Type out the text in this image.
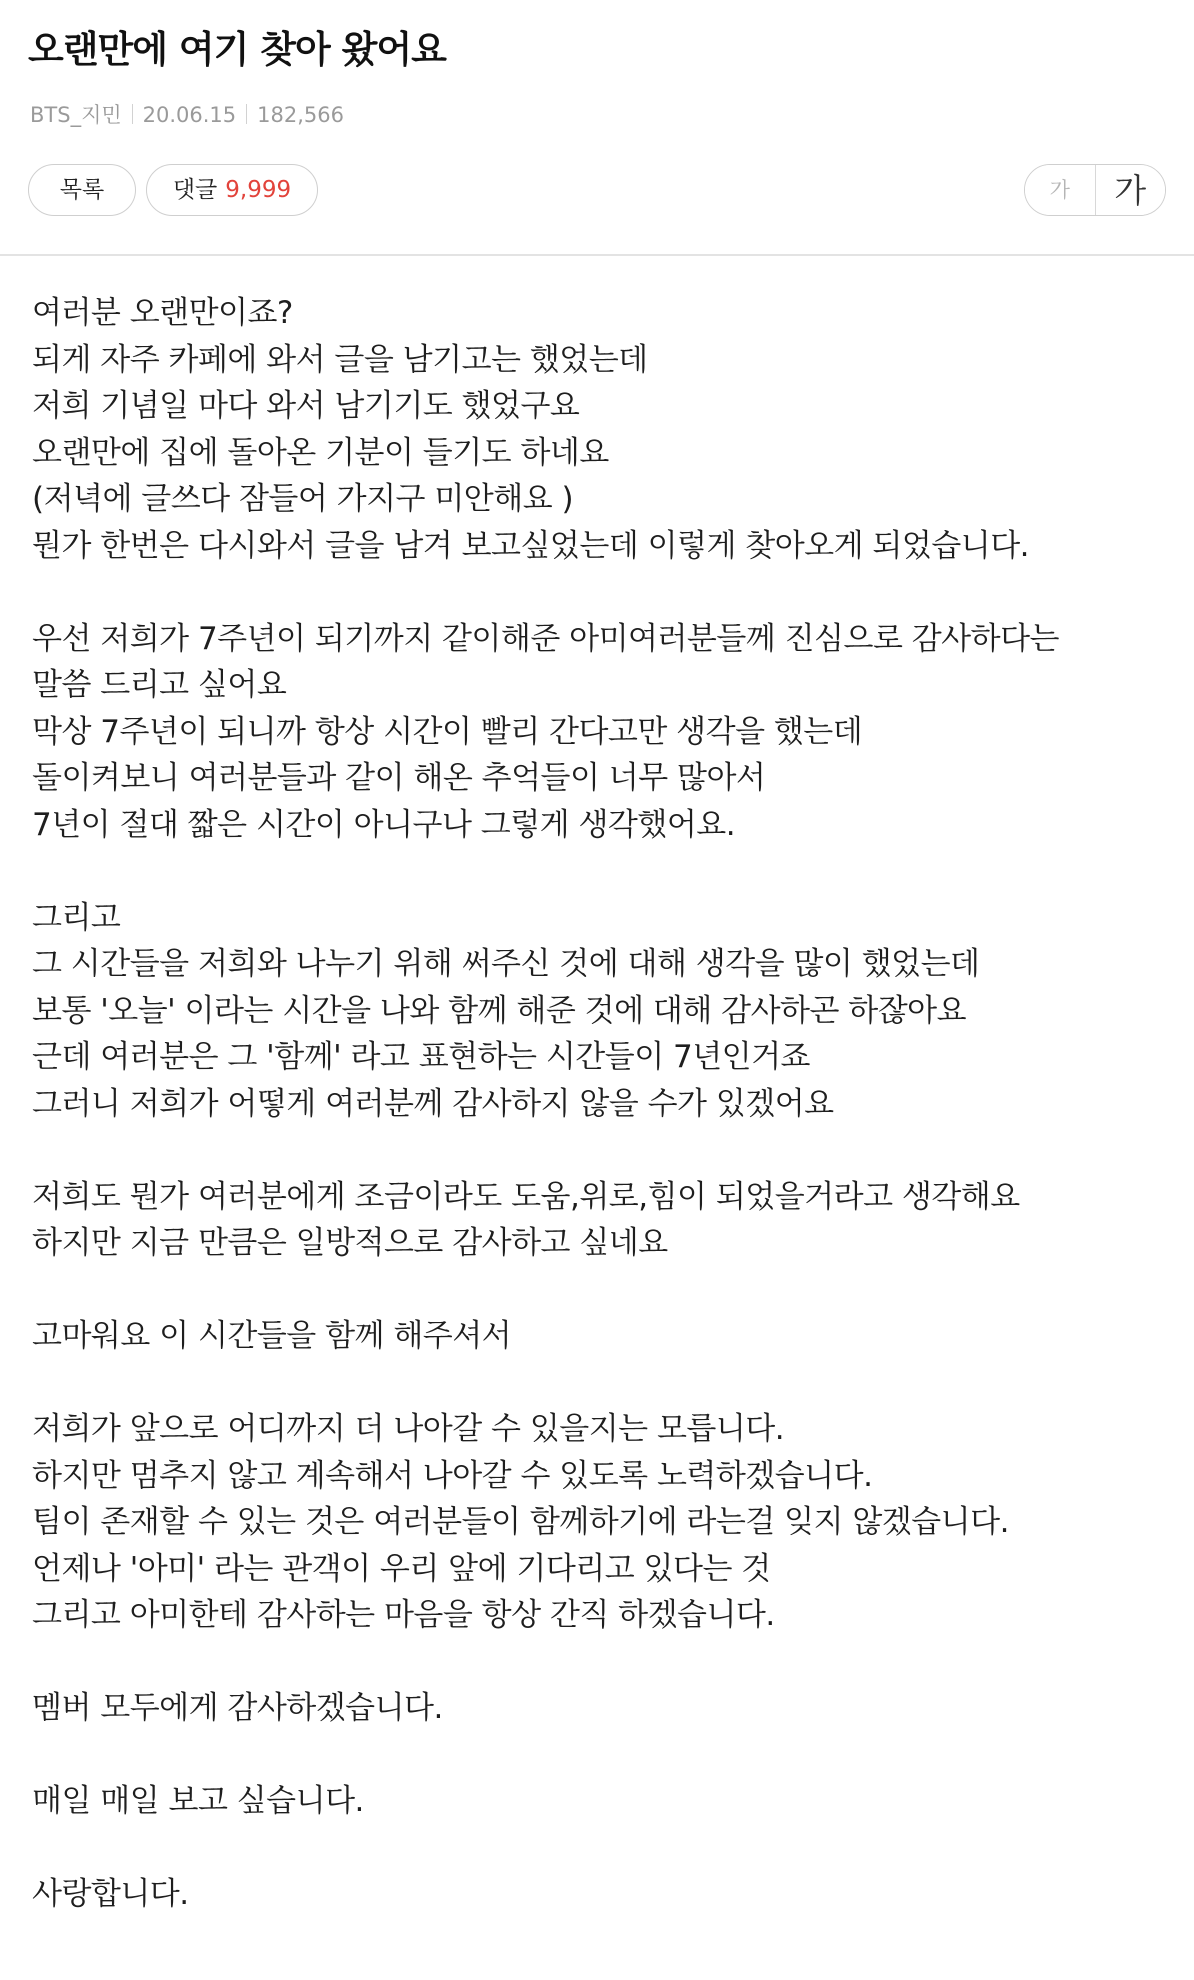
오랜만에 여기 찾아 왔어요
BTS_지민 20.06.15 182,566
목록	댓글 9,999	가	가

여러분 오랜만이죠?
되게 자주 카페에 와서 글을 남기고는 했었는데
저희 기념일 마다 와서 남기기도 했었구요
오랜만에 집에 돌아온 기분이 들기도 하네요
(저녁에 글쓰다 잠들어 가지구 미안해요 )
뭔가 한번은 다시와서 글을 남겨 보고싶었는데 이렇게 찾아오게 되었습니다.

우선 저희가 7주년이 되기까지 같이해준 아미여러분들께 진심으로 감사하다는
말씀 드리고 싶어요
막상 7주년이 되니까 항상 시간이 빨리 간다고만 생각을 했는데
돌이켜보니 여러분들과 같이 해온 추억들이 너무 많아서
7년이 절대 짧은 시간이 아니구나 그렇게 생각했어요.

그리고
그 시간들을 저희와 나누기 위해 써주신 것에 대해 생각을 많이 했었는데
보통 '오늘' 이라는 시간을 나와 함께 해준 것에 대해 감사하곤 하잖아요
근데 여러분은 그 '함께' 라고 표현하는 시간들이 7년인거죠
그러니 저희가 어떻게 여러분께 감사하지 않을 수가 있겠어요

저희도 뭔가 여러분에게 조금이라도 도움,위로,힘이 되었을거라고 생각해요
하지만 지금 만큼은 일방적으로 감사하고 싶네요

고마워요 이 시간들을 함께 해주셔서

저희가 앞으로 어디까지 더 나아갈 수 있을지는 모릅니다.
하지만 멈추지 않고 계속해서 나아갈 수 있도록 노력하겠습니다.
팀이 존재할 수 있는 것은 여러분들이 함께하기에 라는걸 잊지 않겠습니다.
언제나 '아미' 라는 관객이 우리 앞에 기다리고 있다는 것
그리고 아미한테 감사하는 마음을 항상 간직 하겠습니다.

멤버 모두에게 감사하겠습니다.

매일 매일 보고 싶습니다.

사랑합니다.
